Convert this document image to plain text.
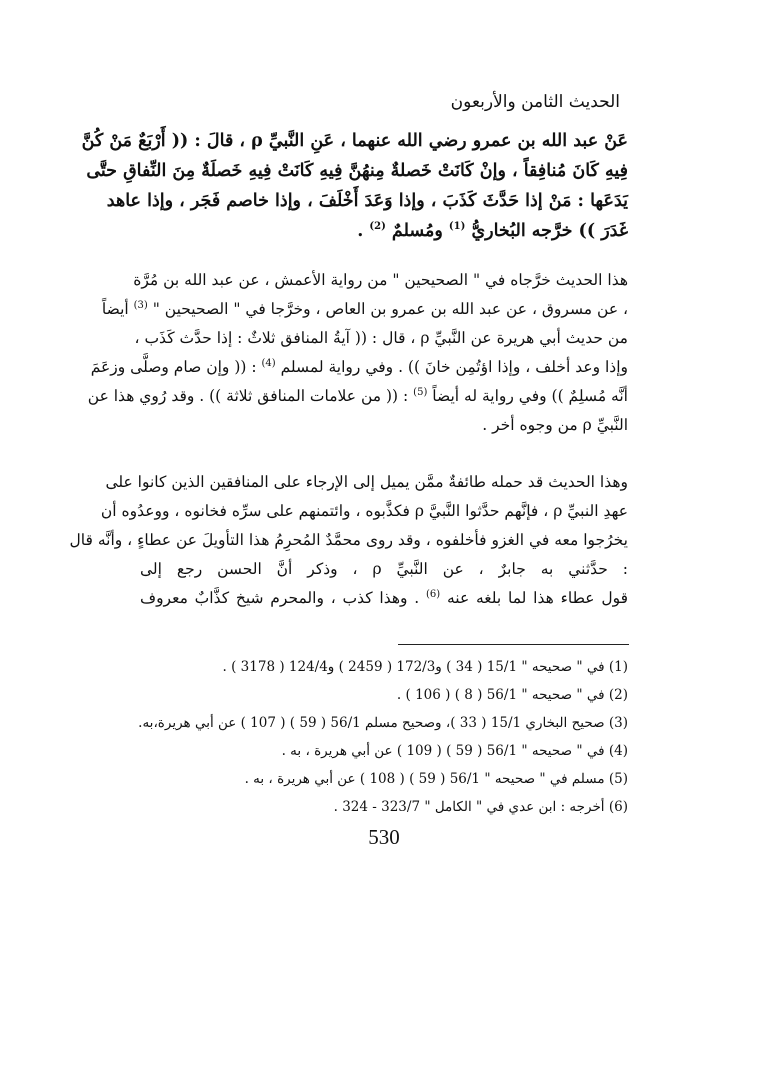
الحديث الثامن والأربعون
عَنْ عبد الله بن عمرو رضي الله عنهما ، عَنِ النَّبيِّ ρ ، قالَ : (( أَرْبَعٌ مَنْ كُنَّ
فِيهِ كَانَ مُنافِقاً ، وإنْ كَانَتْ خَصلةٌ مِنهُنَّ فِيهِ كَانَتْ فِيهِ خَصلَةٌ مِنَ النِّفاقِ حتَّى
يَدَعَها : مَنْ إذا حَدَّثَ كَذَبَ ، وإذا وَعَدَ أَخْلَفَ ، وإذا خاصم فَجَر ، وإذا عاهد
غَدَرَ )) خرَّجه البُخاريُّ $^{(1)}$ ومُسلمٌ $^{(2)}$ .
هذا الحديث خرَّجاه في " الصحيحين " من رواية الأعمش ، عن عبد الله بن مُرَّة
، عن مسروق ، عن عبد الله بن عمرو بن العاص ، وخرَّجا في " الصحيحين " $^{(3)}$ أيضاً
من حديث أبي هريرة عن النَّبيِّ ρ ، قال : (( آيةُ المنافق ثلاثٌ : إذا حدَّث كَذَب ،
وإذا وعد أخلف ، وإذا اؤتُمِن خانَ )) . وفي رواية لمسلم $^{(4)}$ : (( وإن صام وصلَّى وزعَمَ
أنَّه مُسلِمٌ )) وفي رواية له أيضاً $^{(5)}$ : (( من علامات المنافق ثلاثة )) . وقد رُوي هذا عن
النَّبيِّ ρ من وجوه أخر .
وهذا الحديث قد حمله طائفةٌ ممَّن يميل إلى الإرجاء على المنافقين الذين كانوا على
عهدِ النبيِّ ρ ، فإنَّهم حدَّثوا النَّبيَّ ρ فكذَّبوه ، وائتمنهم على سرِّه فخانوه ، ووعدُوه أن
يخرُجوا معه في الغزو فأخلفوه ، وقد روى محمَّدٌ المُحرِمُ هذا التأويلَ عن عطاءٍ ، وأنَّه قال
: حدَّثني به جابرٌ ، عن النَّبيِّ ρ ، وذكر أنَّ الحسن رجع إلى
قول عطاء هذا لما بلغه عنه $^{(6)}$ . وهذا كذب ، والمحرم شيخ كذَّابٌ معروف
(1) في " صحيحه " 15/1 ( 34 ) و172/3 ( 2459 ) و124/4 ( 3178 ) .
(2) في " صحيحه " 56/1 ( 8 ) ( 106 ) .
(3) صحيح البخاري 15/1 ( 33 )، وصحيح مسلم 56/1 ( 59 ) ( 107 ) عن أبي هريرة،به.
(4) في " صحيحه " 56/1 ( 59 ) ( 109 ) عن أبي هريرة ، به .
(5) مسلم في " صحيحه " 56/1 ( 59 ) ( 108 ) عن أبي هريرة ، به .
(6) أخرجه : ابن عدي في " الكامل " 323/7 - 324 .
530
